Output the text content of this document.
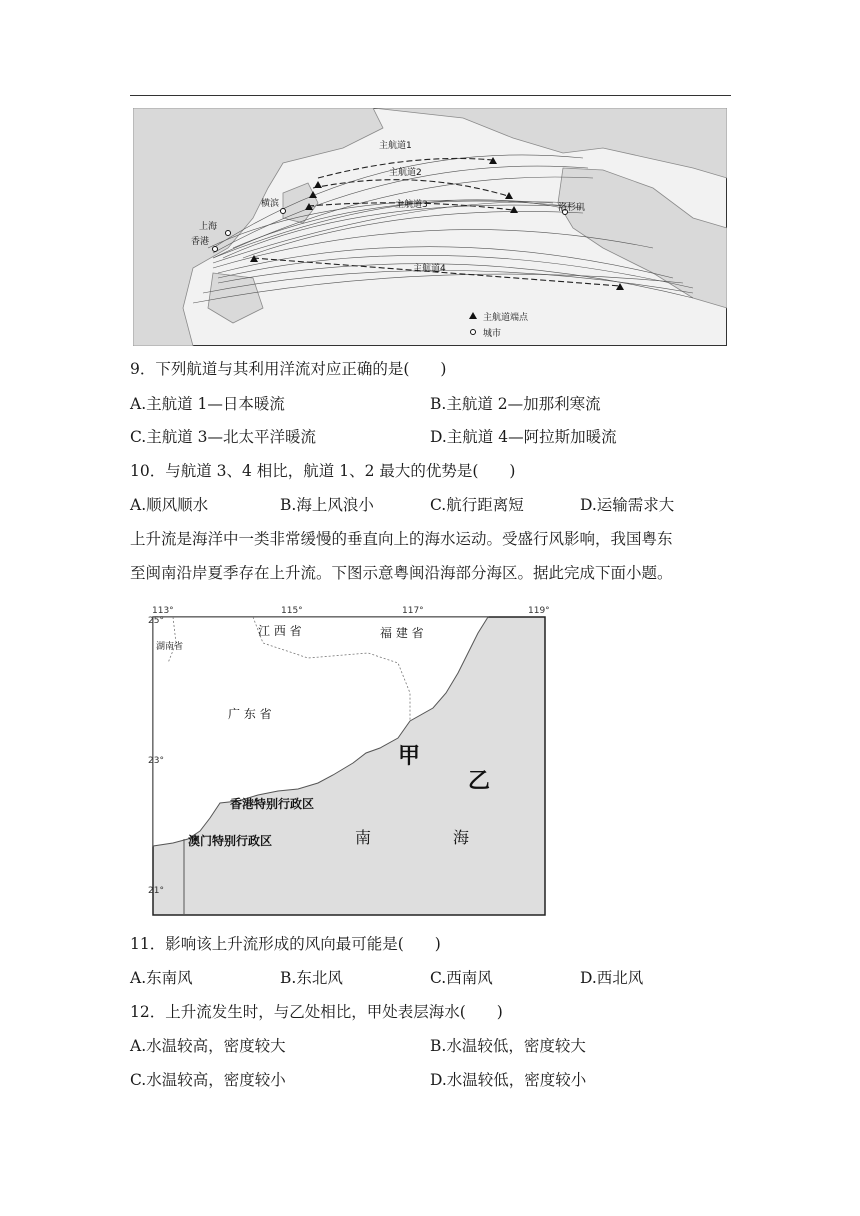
主航道1
主航道2
主航道3
主航道4
横滨
上海
香港
洛杉矶
主航道端点
城市
9．下列航道与其利用洋流对应正确的是(　　)
A.主航道 1—日本暖流	B.主航道 2—加那利寒流
C.主航道 3—北太平洋暖流	D.主航道 4—阿拉斯加暖流
10．与航道 3、4 相比，航道 1、2 最大的优势是(　　)
A.顺风顺水	B.海上风浪小	C.航行距离短	D.运输需求大
上升流是海洋中一类非常缓慢的垂直向上的海水运动。受盛行风影响，我国粤东
至闽南沿岸夏季存在上升流。下图示意粤闽沿海部分海区。据此完成下面小题。
113°	115°	117°	119°
25°
23°
21°
江 西 省	福 建 省
湖南省
广 东 省
香港特别行政区
澳门特别行政区	南	海
甲
乙
11．影响该上升流形成的风向最可能是(　　)
A.东南风	B.东北风	C.西南风	D.西北风
12．上升流发生时，与乙处相比，甲处表层海水(　　)
A.水温较高，密度较大	B.水温较低，密度较大
C.水温较高，密度较小	D.水温较低，密度较小
